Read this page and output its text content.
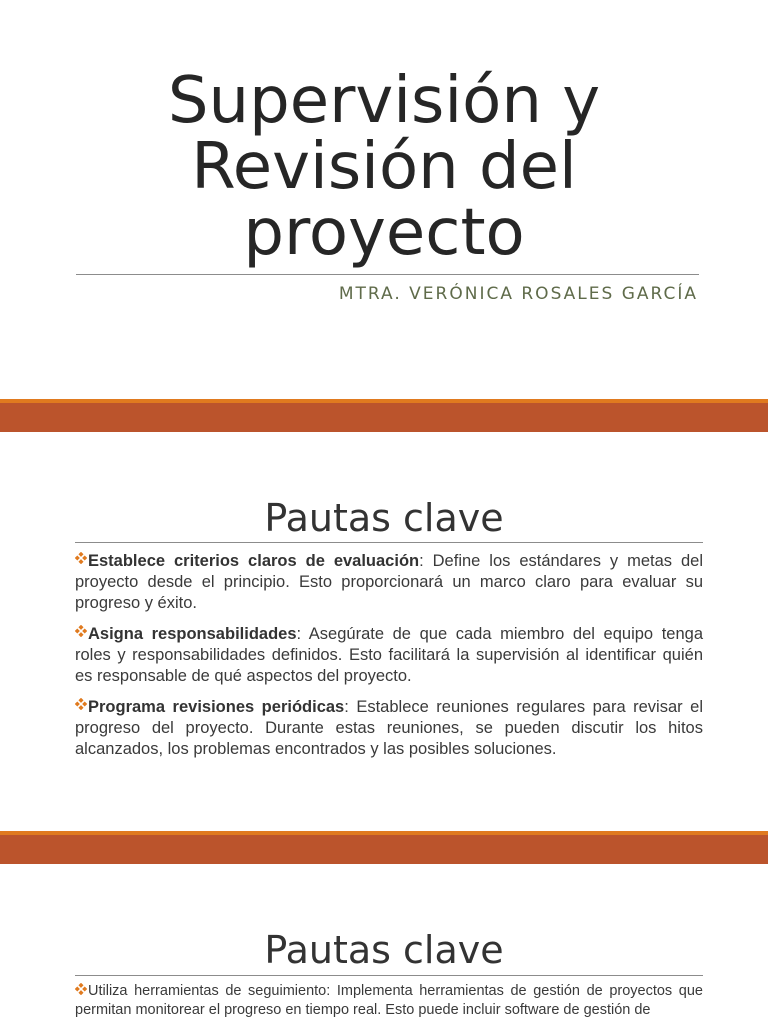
Supervisión y
Revisión del
proyecto
MTRA. VERÓNICA ROSALES GARCÍA
Pautas clave
Establece criterios claros de evaluación: Define los estándares y metas del proyecto desde el principio. Esto proporcionará un marco claro para evaluar su progreso y éxito.
Asigna responsabilidades: Asegúrate de que cada miembro del equipo tenga roles y responsabilidades definidos. Esto facilitará la supervisión al identificar quién es responsable de qué aspectos del proyecto.
Programa revisiones periódicas: Establece reuniones regulares para revisar el progreso del proyecto. Durante estas reuniones, se pueden discutir los hitos alcanzados, los problemas encontrados y las posibles soluciones.
Pautas clave
Utiliza herramientas de seguimiento: Implementa herramientas de gestión de proyectos que permitan monitorear el progreso en tiempo real. Esto puede incluir software de gestión de
